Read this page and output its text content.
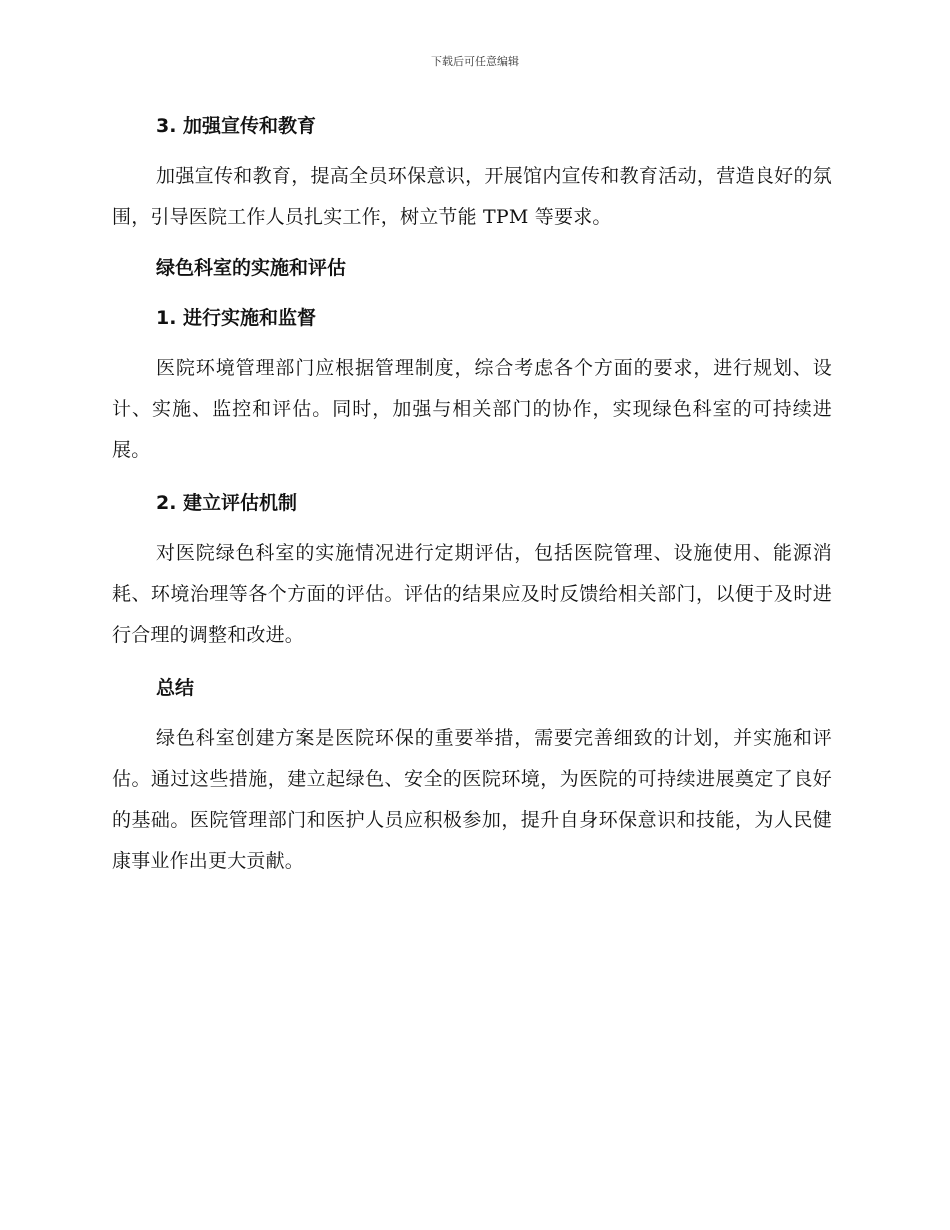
下载后可任意编辑
3. 加强宣传和教育

加强宣传和教育，提高全员环保意识，开展馆内宣传和教育活动，营造良好的氛围，引导医院工作人员扎实工作，树立节能 TPM 等要求。

绿色科室的实施和评估
1. 进行实施和监督

医院环境管理部门应根据管理制度，综合考虑各个方面的要求，进行规划、设计、实施、监控和评估。同时，加强与相关部门的协作，实现绿色科室的可持续进展。

2. 建立评估机制

对医院绿色科室的实施情况进行定期评估，包括医院管理、设施使用、能源消耗、环境治理等各个方面的评估。评估的结果应及时反馈给相关部门，以便于及时进行合理的调整和改进。

总结

绿色科室创建方案是医院环保的重要举措，需要完善细致的计划，并实施和评估。通过这些措施，建立起绿色、安全的医院环境，为医院的可持续进展奠定了良好的基础。医院管理部门和医护人员应积极参加，提升自身环保意识和技能，为人民健康事业作出更大贡献。
